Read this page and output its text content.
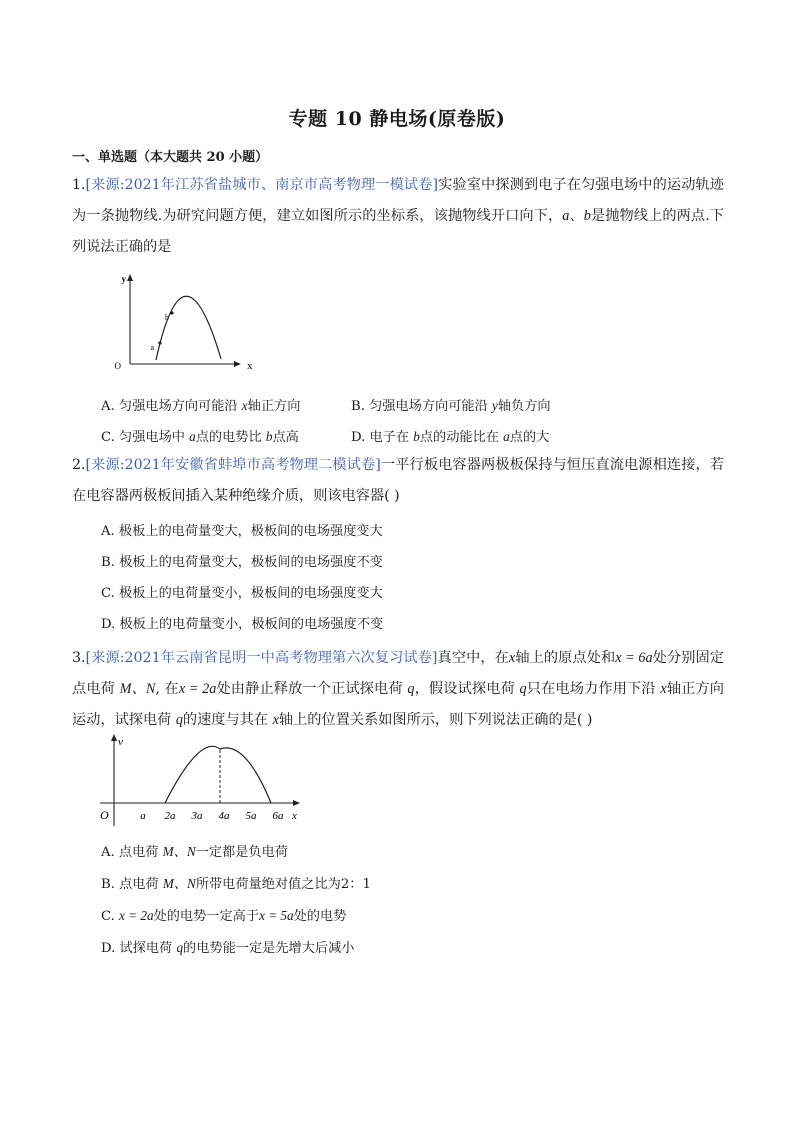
专题 10 静电场(原卷版)
一、单选题（本大题共 20 小题）
1.[来源:2021年江苏省盐城市、南京市高考物理一模试卷]实验室中探测到电子在匀强电场中的运动轨迹为一条抛物线.为研究问题方便，建立如图所示的坐标系，该抛物线开口向下，a、b是抛物线上的两点.下列说法正确的是
y
x
O
a
b
A. 匀强电场方向可能沿 x轴正方向	B. 匀强电场方向可能沿 y轴负方向
C. 匀强电场中 a点的电势比 b点高	D. 电子在 b点的动能比在 a点的大
2.[来源:2021年安徽省蚌埠市高考物理二模试卷]一平行板电容器两极板保持与恒压直流电源相连接，若在电容器两极板间插入某种绝缘介质，则该电容器( )
A. 极板上的电荷量变大，极板间的电场强度变大
B. 极板上的电荷量变大，极板间的电场强度不变
C. 极板上的电荷量变小，极板间的电场强度变大
D. 极板上的电荷量变小，极板间的电场强度不变
3.[来源:2021年云南省昆明一中高考物理第六次复习试卷]真空中，在x轴上的原点处和x = 6a处分别固定点电荷 M、N, 在x = 2a处由静止释放一个正试探电荷 q，假设试探电荷 q只在电场力作用下沿 x轴正方向运动，试探电荷 q的速度与其在 x轴上的位置关系如图所示，则下列说法正确的是( )
v
x
O	a 2a 3a 4a 5a 6a
A. 点电荷 M、N一定都是负电荷
B. 点电荷 M、N所带电荷量绝对值之比为2：1
C. x = 2a处的电势一定高于x = 5a处的电势
D. 试探电荷 q的电势能一定是先增大后减小
